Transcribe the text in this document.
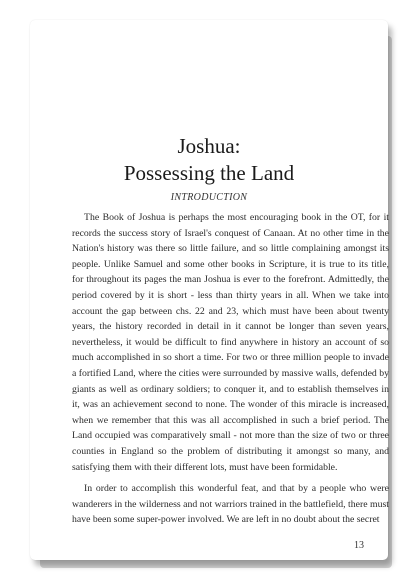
Joshua:
Possessing the Land
INTRODUCTION

The Book of Joshua is perhaps the most encouraging book in the OT, for it records the success story of Israel's conquest of Canaan. At no other time in the Nation's history was there so little failure, and so little complaining amongst its people. Unlike Samuel and some other books in Scripture, it is true to its title, for throughout its pages the man Joshua is ever to the forefront. Admittedly, the period covered by it is short - less than thirty years in all. When we take into account the gap between chs. 22 and 23, which must have been about twenty years, the history recorded in detail in it cannot be longer than seven years, nevertheless, it would be difficult to find anywhere in history an account of so much accomplished in so short a time. For two or three million people to invade a fortified Land, where the cities were surrounded by massive walls, defended by giants as well as ordinary soldiers; to conquer it, and to establish themselves in it, was an achievement second to none. The wonder of this miracle is increased, when we remember that this was all accomplished in such a brief period. The Land occupied was comparatively small - not more than the size of two or three counties in England so the problem of distributing it amongst so many, and satisfying them with their different lots, must have been formidable.

In order to accomplish this wonderful feat, and that by a people who were wanderers in the wilderness and not warriors trained in the battlefield, there must have been some super-power involved. We are left in no doubt about the secret

13
